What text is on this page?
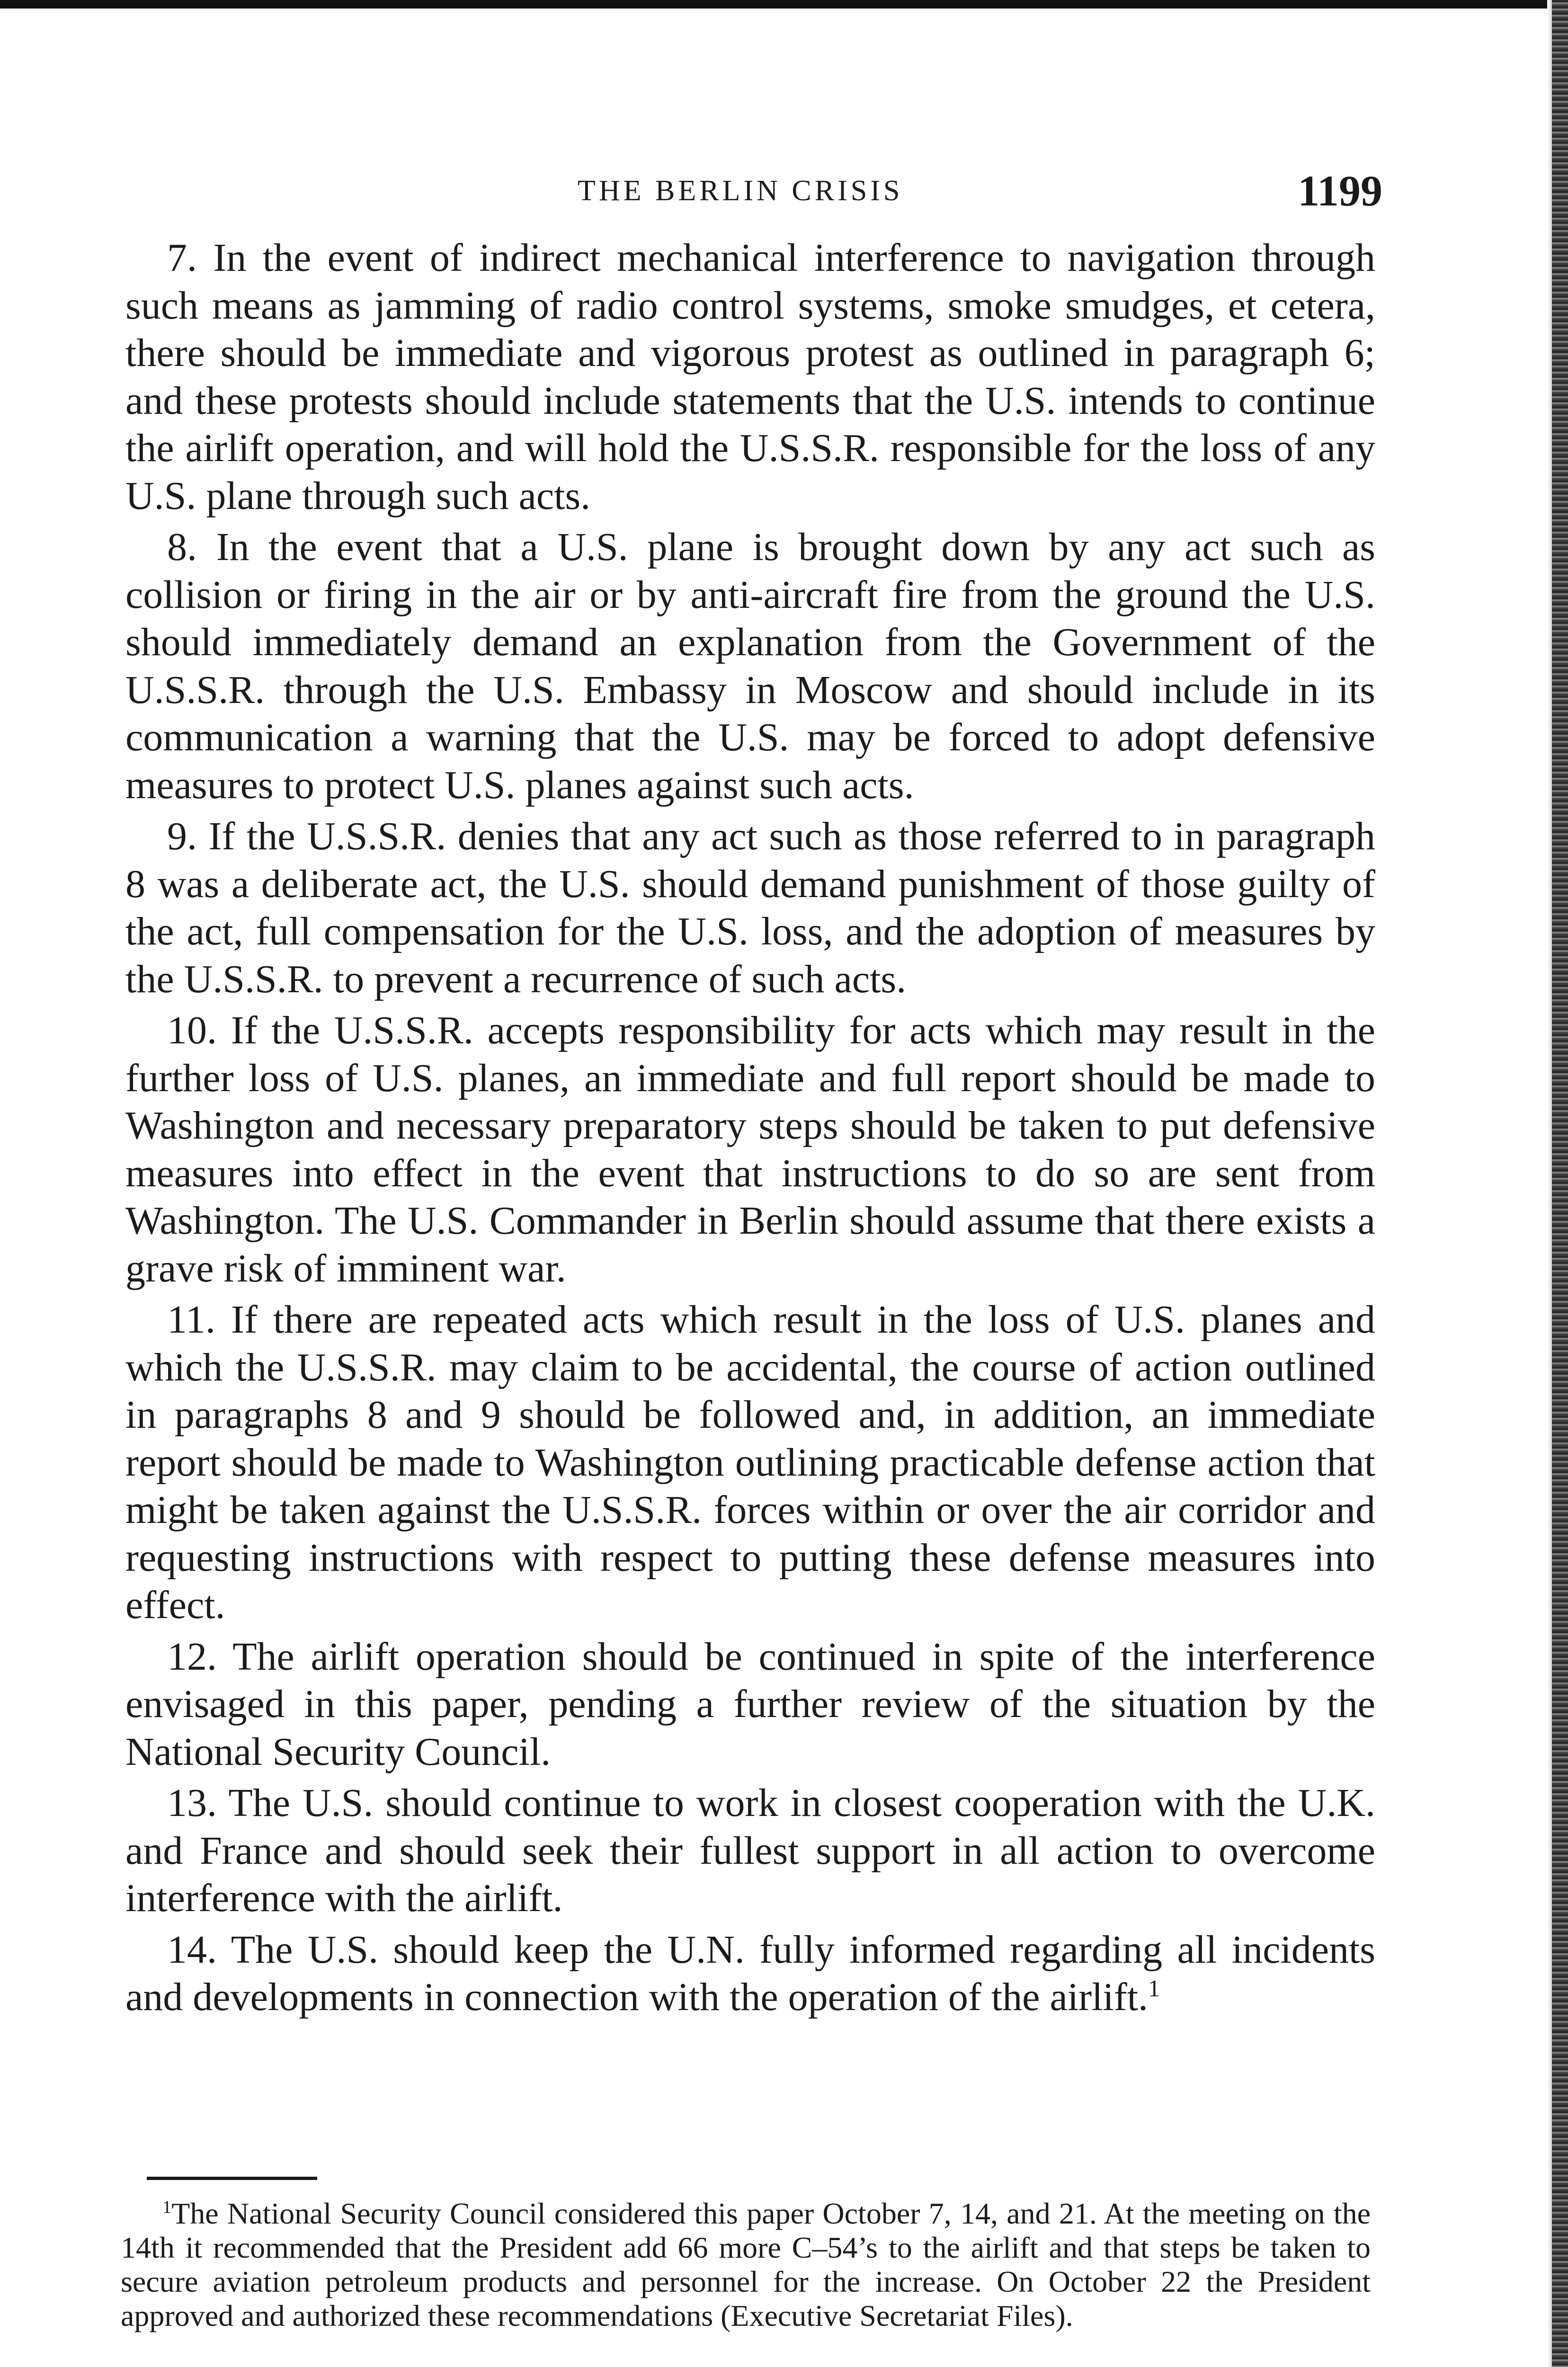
THE BERLIN CRISIS	1199

7. In the event of indirect mechanical interference to navigation through such means as jamming of radio control systems, smoke smudges, et cetera, there should be immediate and vigorous protest as outlined in paragraph 6; and these protests should include statements that the U.S. intends to continue the airlift operation, and will hold the U.S.S.R. responsible for the loss of any U.S. plane through such acts.

8. In the event that a U.S. plane is brought down by any act such as collision or firing in the air or by anti-aircraft fire from the ground the U.S. should immediately demand an explanation from the Government of the U.S.S.R. through the U.S. Embassy in Moscow and should include in its communication a warning that the U.S. may be forced to adopt defensive measures to protect U.S. planes against such acts.

9. If the U.S.S.R. denies that any act such as those referred to in paragraph 8 was a deliberate act, the U.S. should demand punishment of those guilty of the act, full compensation for the U.S. loss, and the adoption of measures by the U.S.S.R. to prevent a recurrence of such acts.

10. If the U.S.S.R. accepts responsibility for acts which may result in the further loss of U.S. planes, an immediate and full report should be made to Washington and necessary preparatory steps should be taken to put defensive measures into effect in the event that instructions to do so are sent from Washington. The U.S. Commander in Berlin should assume that there exists a grave risk of imminent war.

11. If there are repeated acts which result in the loss of U.S. planes and which the U.S.S.R. may claim to be accidental, the course of action outlined in paragraphs 8 and 9 should be followed and, in addition, an immediate report should be made to Washington outlining practicable defense action that might be taken against the U.S.S.R. forces within or over the air corridor and requesting instructions with respect to putting these defense measures into effect.

12. The airlift operation should be continued in spite of the interference envisaged in this paper, pending a further review of the situation by the National Security Council.

13. The U.S. should continue to work in closest cooperation with the U.K. and France and should seek their fullest support in all action to overcome interference with the airlift.

14. The U.S. should keep the U.N. fully informed regarding all incidents and developments in connection with the operation of the airlift.$^1$

$^1$The National Security Council considered this paper October 7, 14, and 21. At the meeting on the 14th it recommended that the President add 66 more C–54’s to the airlift and that steps be taken to secure aviation petroleum products and personnel for the increase. On October 22 the President approved and authorized these recommendations (Executive Secretariat Files).
